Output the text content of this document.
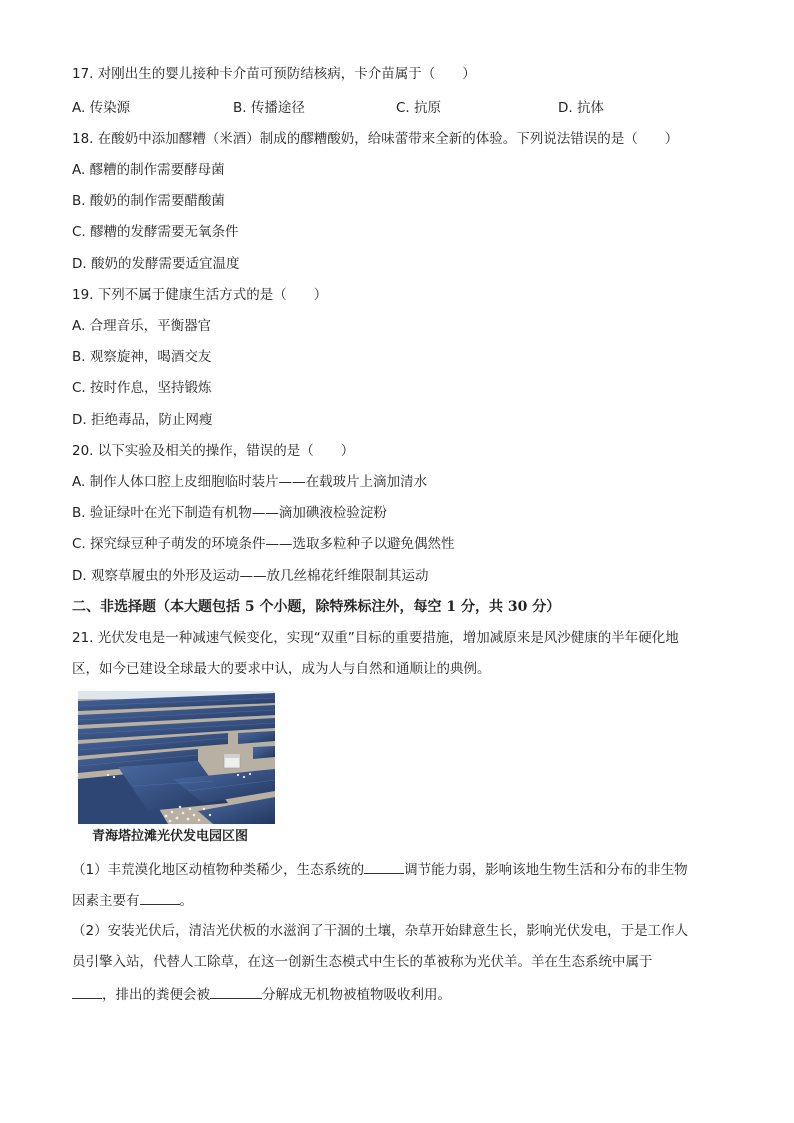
17. 对刚出生的婴儿接种卡介苗可预防结核病，卡介苗属于（　　）
A. 传染源	B. 传播途径	C. 抗原	D. 抗体
18. 在酸奶中添加醪糟（米酒）制成的醪糟酸奶，给味蕾带来全新的体验。下列说法错误的是（　　）
A. 醪糟的制作需要酵母菌
B. 酸奶的制作需要醋酸菌
C. 醪糟的发酵需要无氧条件
D. 酸奶的发酵需要适宜温度
19. 下列不属于健康生活方式的是（　　）
A. 合理音乐，平衡器官
B. 观察旋神，喝酒交友
C. 按时作息，坚持锻炼
D. 拒绝毒品，防止网瘦
20. 以下实验及相关的操作，错误的是（　　）
A. 制作人体口腔上皮细胞临时装片——在载玻片上滴加清水
B. 验证绿叶在光下制造有机物——滴加碘液检验淀粉
C. 探究绿豆种子萌发的环境条件——选取多粒种子以避免偶然性
D. 观察草履虫的外形及运动——放几丝棉花纤维限制其运动
二、非选择题（本大题包括 5 个小题，除特殊标注外，每空 1 分，共 30 分）
21. 光伏发电是一种减速气候变化，实现“双重”目标的重要措施，增加减原来是风沙健康的半年硬化地
区，如今已建设全球最大的要求中认，成为人与自然和通顺让的典例。
青海塔拉滩光伏发电园区图
（1）丰荒漠化地区动植物种类稀少，生态系统的	调节能力弱，影响该地生物生活和分布的非生物
因素主要有	。
（2）安装光伏后，清洁光伏板的水滋润了干涸的土壤，杂草开始肆意生长，影响光伏发电，于是工作人
员引擎入站，代替人工除草，在这一创新生态模式中生长的革被称为光伏羊。羊在生态系统中属于
，排出的粪便会被	分解成无机物被植物吸收利用。
